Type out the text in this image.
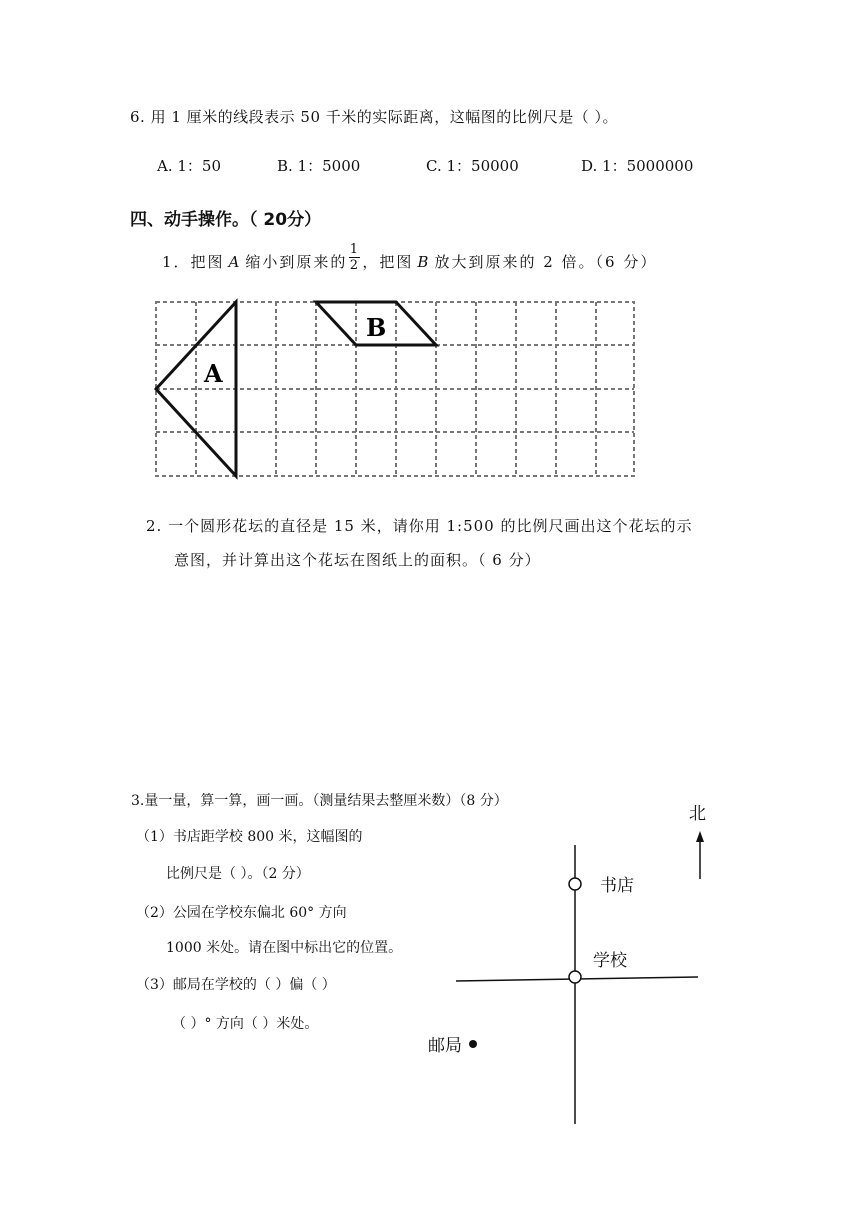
6. 用 1 厘米的线段表示 50 千米的实际距离，这幅图的比例尺是（ ）。
A. 1：50	B. 1：5000	C. 1：50000	D. 1：5000000
四、动手操作。（ 20分）
1．把图 A 缩小到原来的 $\frac{1}{2}$ ，把图 B 放大到原来的 2 倍。（6 分）
A
B
2. 一个圆形花坛的直径是 15 米，请你用 1:500 的比例尺画出这个花坛的示
意图，并计算出这个花坛在图纸上的面积。（ 6 分）
3.量一量，算一算，画一画。（测量结果去整厘米数）（8 分）
（1）书店距学校 800 米，这幅图的
比例尺是（ ）。（2 分）
（2）公园在学校东偏北 60° 方向
1000 米处。请在图中标出它的位置。
（3）邮局在学校的（ ）偏（ ）
（ ）° 方向（ ）米处。
北
书店
学校
邮局
